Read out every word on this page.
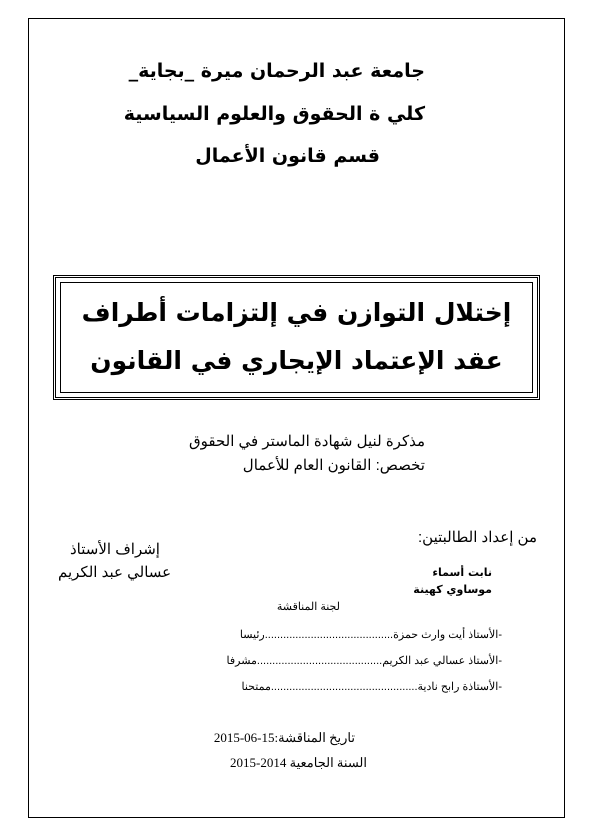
جامعة عبد الرحمان ميرة _بجاية_
كلي ة الحقوق والعلوم السياسية
قسم قانون الأعمال
إختلال التوازن في إلتزامات أطراف
عقد الإعتماد الإيجاري في القانون
مذكرة لنيل شهادة الماستر في الحقوق
تخصص: القانون العام للأعمال
إشراف الأستاذ
عسالي عبد الكريم
من إعداد الطالبتين:
نابت أسماء
موساوي كهينة
لجنة المناقشة
-الأستاذ أيت وارث حمزة..........................................رئيسا
-الأستاذ عسالي عبد الكريم.........................................مشرفا
-الأستاذة رابح نادية................................................ممتحنا
تاريخ المناقشة:15-06-2015
السنة الجامعية 2014-2015
